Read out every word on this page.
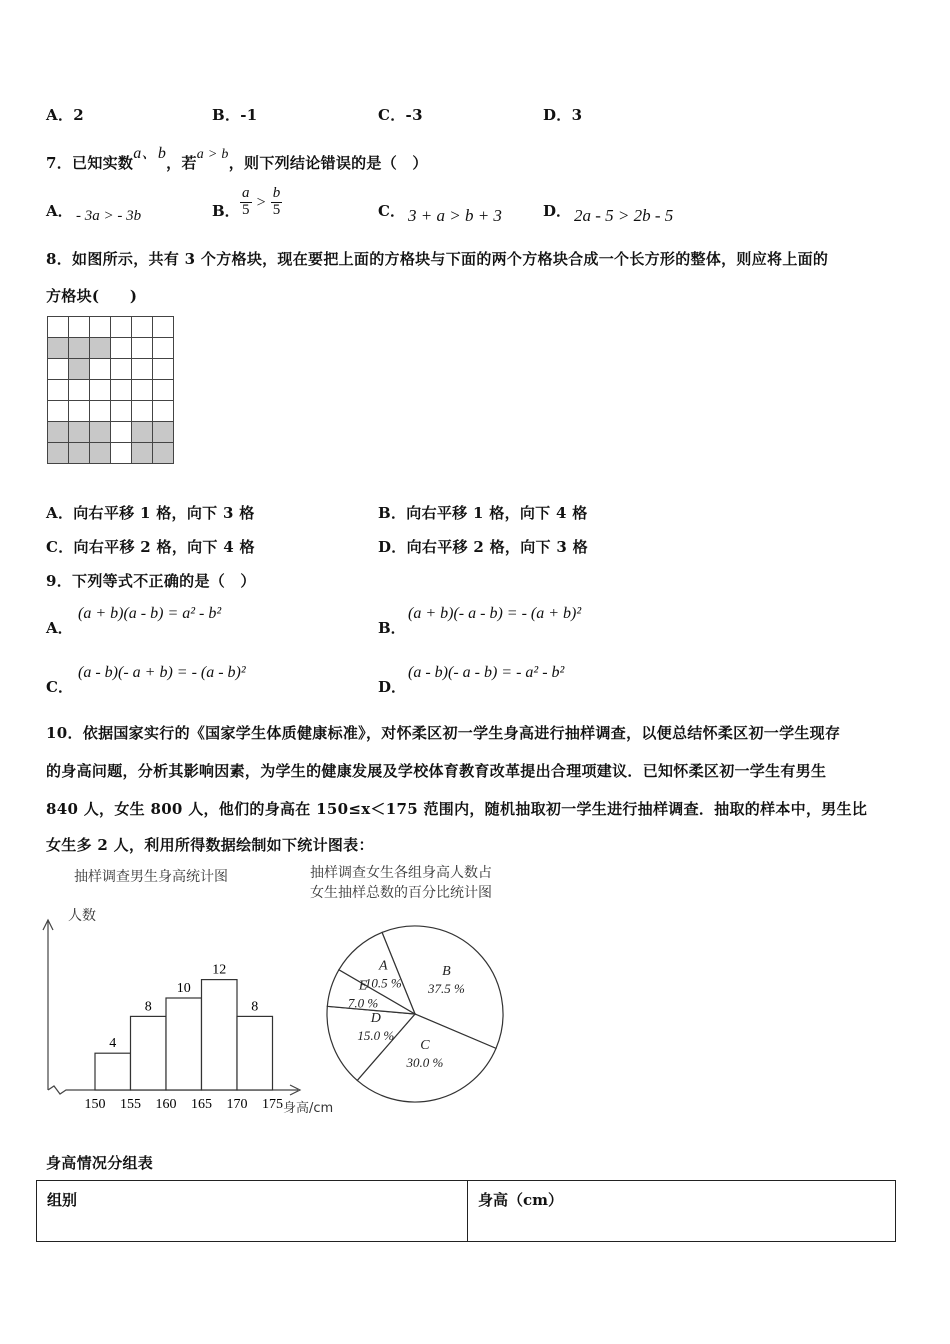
A．2	B．-1	C．-3	D．3
7．已知实数a、b，若a > b，则下列结论错误的是（　）
A． - 3a > - 3b	B． $\frac{a}{5} > \frac{b}{5}$	C． 3 + a > b + 3	D． 2a - 5 > 2b - 5
8．如图所示，共有 3 个方格块，现在要把上面的方格块与下面的两个方格块合成一个长方形的整体，则应将上面的
方格块(　　)

A．向右平移 1 格，向下 3 格	B．向右平移 1 格，向下 4 格
C．向右平移 2 格，向下 4 格	D．向右平移 2 格，向下 3 格
9．下列等式不正确的是（　）
A．
(a + b)(a - b) = a² - b²
B．
(a + b)(- a - b) = - (a + b)²
C．
(a - b)(- a + b) = - (a - b)²
D．
(a - b)(- a - b) = - a² - b²
10．依据国家实行的《国家学生体质健康标准》，对怀柔区初一学生身高进行抽样调查，以便总结怀柔区初一学生现存
的身高问题，分析其影响因素，为学生的健康发展及学校体育教育改革提出合理项建议．已知怀柔区初一学生有男生
840 人，女生 800 人，他们的身高在 150≤x＜175 范围内，随机抽取初一学生进行抽样调查．抽取的样本中，男生比
女生多 2 人，利用所得数据绘制如下统计图表：
抽样调查男生身高统计图
人数
身高/cm
4
8
10
12
8
150 155 160 165 170 175
抽样调查女生各组身高人数占
女生抽样总数的百分比统计图
A
10.5 %
B
37.5 %
C
30.0 %
D
15.0 %
E
7.0 %
身高情况分组表
组别	身高（cm）
